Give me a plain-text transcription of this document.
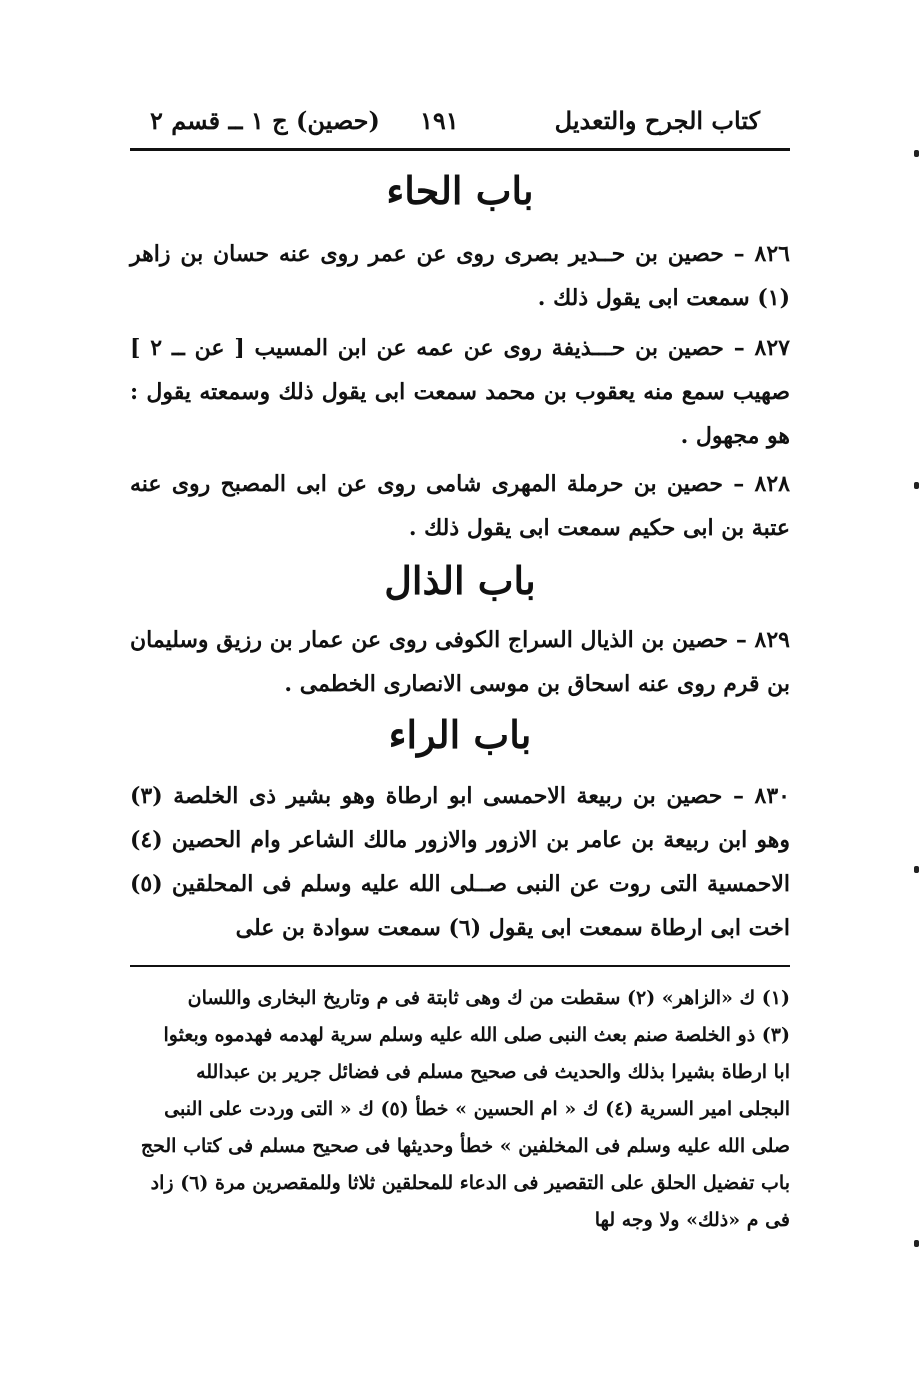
كتاب الجرح والتعديل
١٩١
(حصين) ج ١ ــ قسم ٢
باب الحاء
٨٢٦ – حصين بن حــدير بصرى روى عن عمر روى عنه حسان بن زاهر (١) سمعت ابى يقول ذلك .
٨٢٧ – حصين بن حـــذيفة روى عن عمه عن ابن المسيب [ عن ــ ٢ ] صهيب سمع منه يعقوب بن محمد سمعت ابى يقول ذلك وسمعته يقول : هو مجهول .
٨٢٨ – حصين بن حرملة المهرى شامى روى عن ابى المصبح روى عنه عتبة بن ابى حكيم سمعت ابى يقول ذلك .
باب الذال
٨٢٩ – حصين بن الذيال السراج الكوفى روى عن عمار بن رزيق وسليمان بن قرم روى عنه اسحاق بن موسى الانصارى الخطمى .
باب الراء
٨٣٠ – حصين بن ربيعة الاحمسى ابو ارطاة وهو بشير ذى الخلصة (٣) وهو ابن ربيعة بن عامر بن الازور والازور مالك الشاعر وام الحصين (٤) الاحمسية التى روت عن النبى صــلى الله عليه وسلم فى المحلقين (٥) اخت ابى ارطاة سمعت ابى يقول (٦) سمعت سوادة بن على
(١) ك «الزاهر» (٢) سقطت من ك وهى ثابتة فى م وتاريخ البخارى واللسان
(٣) ذو الخلصة صنم بعث النبى صلى الله عليه وسلم سرية لهدمه فهدموه وبعثوا
ابا ارطاة بشيرا بذلك والحديث فى صحيح مسلم فى فضائل جرير بن عبدالله
البجلى امير السرية (٤) ك « ام الحسين » خطأ (٥) ك « التى وردت على النبى
صلى الله عليه وسلم فى المخلفين » خطأ وحديثها فى صحيح مسلم فى كتاب الحج
باب تفضيل الحلق على التقصير فى الدعاء للمحلقين ثلاثا وللمقصرين مرة (٦) زاد
فى م «ذلك» ولا وجه لها
